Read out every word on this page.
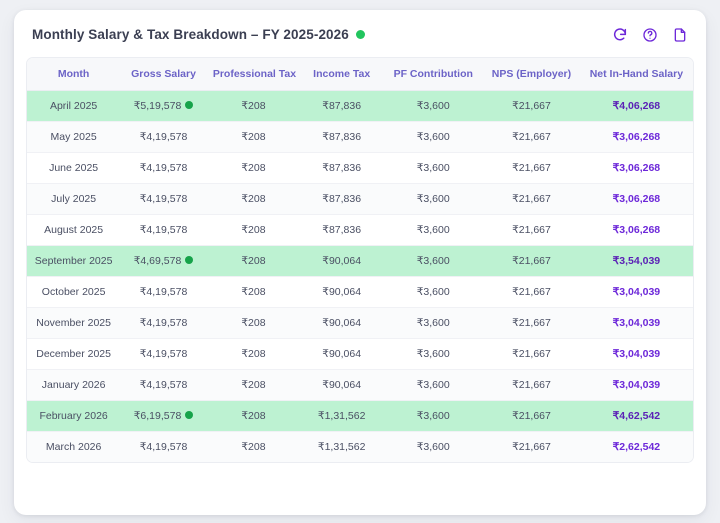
Monthly Salary & Tax Breakdown – FY 2025-2026
Month	Gross Salary	Professional Tax	Income Tax	PF Contribution	NPS (Employer)	Net In-Hand Salary
April 2025	₹5,19,578	₹208	₹87,836	₹3,600	₹21,667	₹4,06,268
May 2025	₹4,19,578	₹208	₹87,836	₹3,600	₹21,667	₹3,06,268
June 2025	₹4,19,578	₹208	₹87,836	₹3,600	₹21,667	₹3,06,268
July 2025	₹4,19,578	₹208	₹87,836	₹3,600	₹21,667	₹3,06,268
August 2025	₹4,19,578	₹208	₹87,836	₹3,600	₹21,667	₹3,06,268
September 2025	₹4,69,578	₹208	₹90,064	₹3,600	₹21,667	₹3,54,039
October 2025	₹4,19,578	₹208	₹90,064	₹3,600	₹21,667	₹3,04,039
November 2025	₹4,19,578	₹208	₹90,064	₹3,600	₹21,667	₹3,04,039
December 2025	₹4,19,578	₹208	₹90,064	₹3,600	₹21,667	₹3,04,039
January 2026	₹4,19,578	₹208	₹90,064	₹3,600	₹21,667	₹3,04,039
February 2026	₹6,19,578	₹208	₹1,31,562	₹3,600	₹21,667	₹4,62,542
March 2026	₹4,19,578	₹208	₹1,31,562	₹3,600	₹21,667	₹2,62,542
